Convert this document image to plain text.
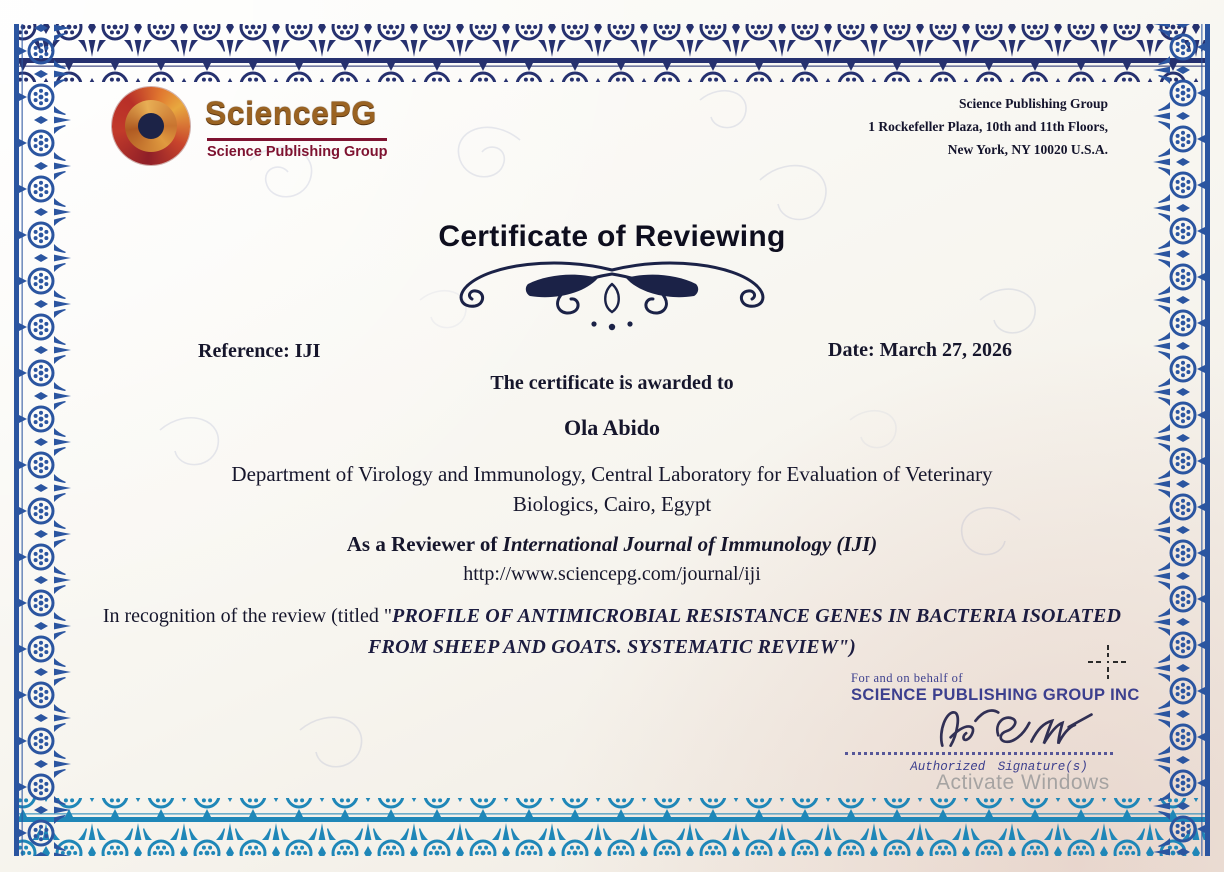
SciencePG
Science Publishing Group
Science Publishing Group
1 Rockefeller Plaza, 10th and 11th Floors,
New York, NY 10020 U.S.A.
Certificate of Reviewing
Reference: IJI	Date: March 27, 2026
The certificate is awarded to
Ola Abido
Department of Virology and Immunology, Central Laboratory for Evaluation of Veterinary Biologics, Cairo, Egypt
As a Reviewer of International Journal of Immunology (IJI)
http://www.sciencepg.com/journal/iji
In recognition of the review (titled "PROFILE OF ANTIMICROBIAL RESISTANCE GENES IN BACTERIA ISOLATED FROM SHEEP AND GOATS. SYSTEMATIC REVIEW")
For and on behalf of
SCIENCE PUBLISHING GROUP INC
Authorized Signature(s)
Activate Windows
